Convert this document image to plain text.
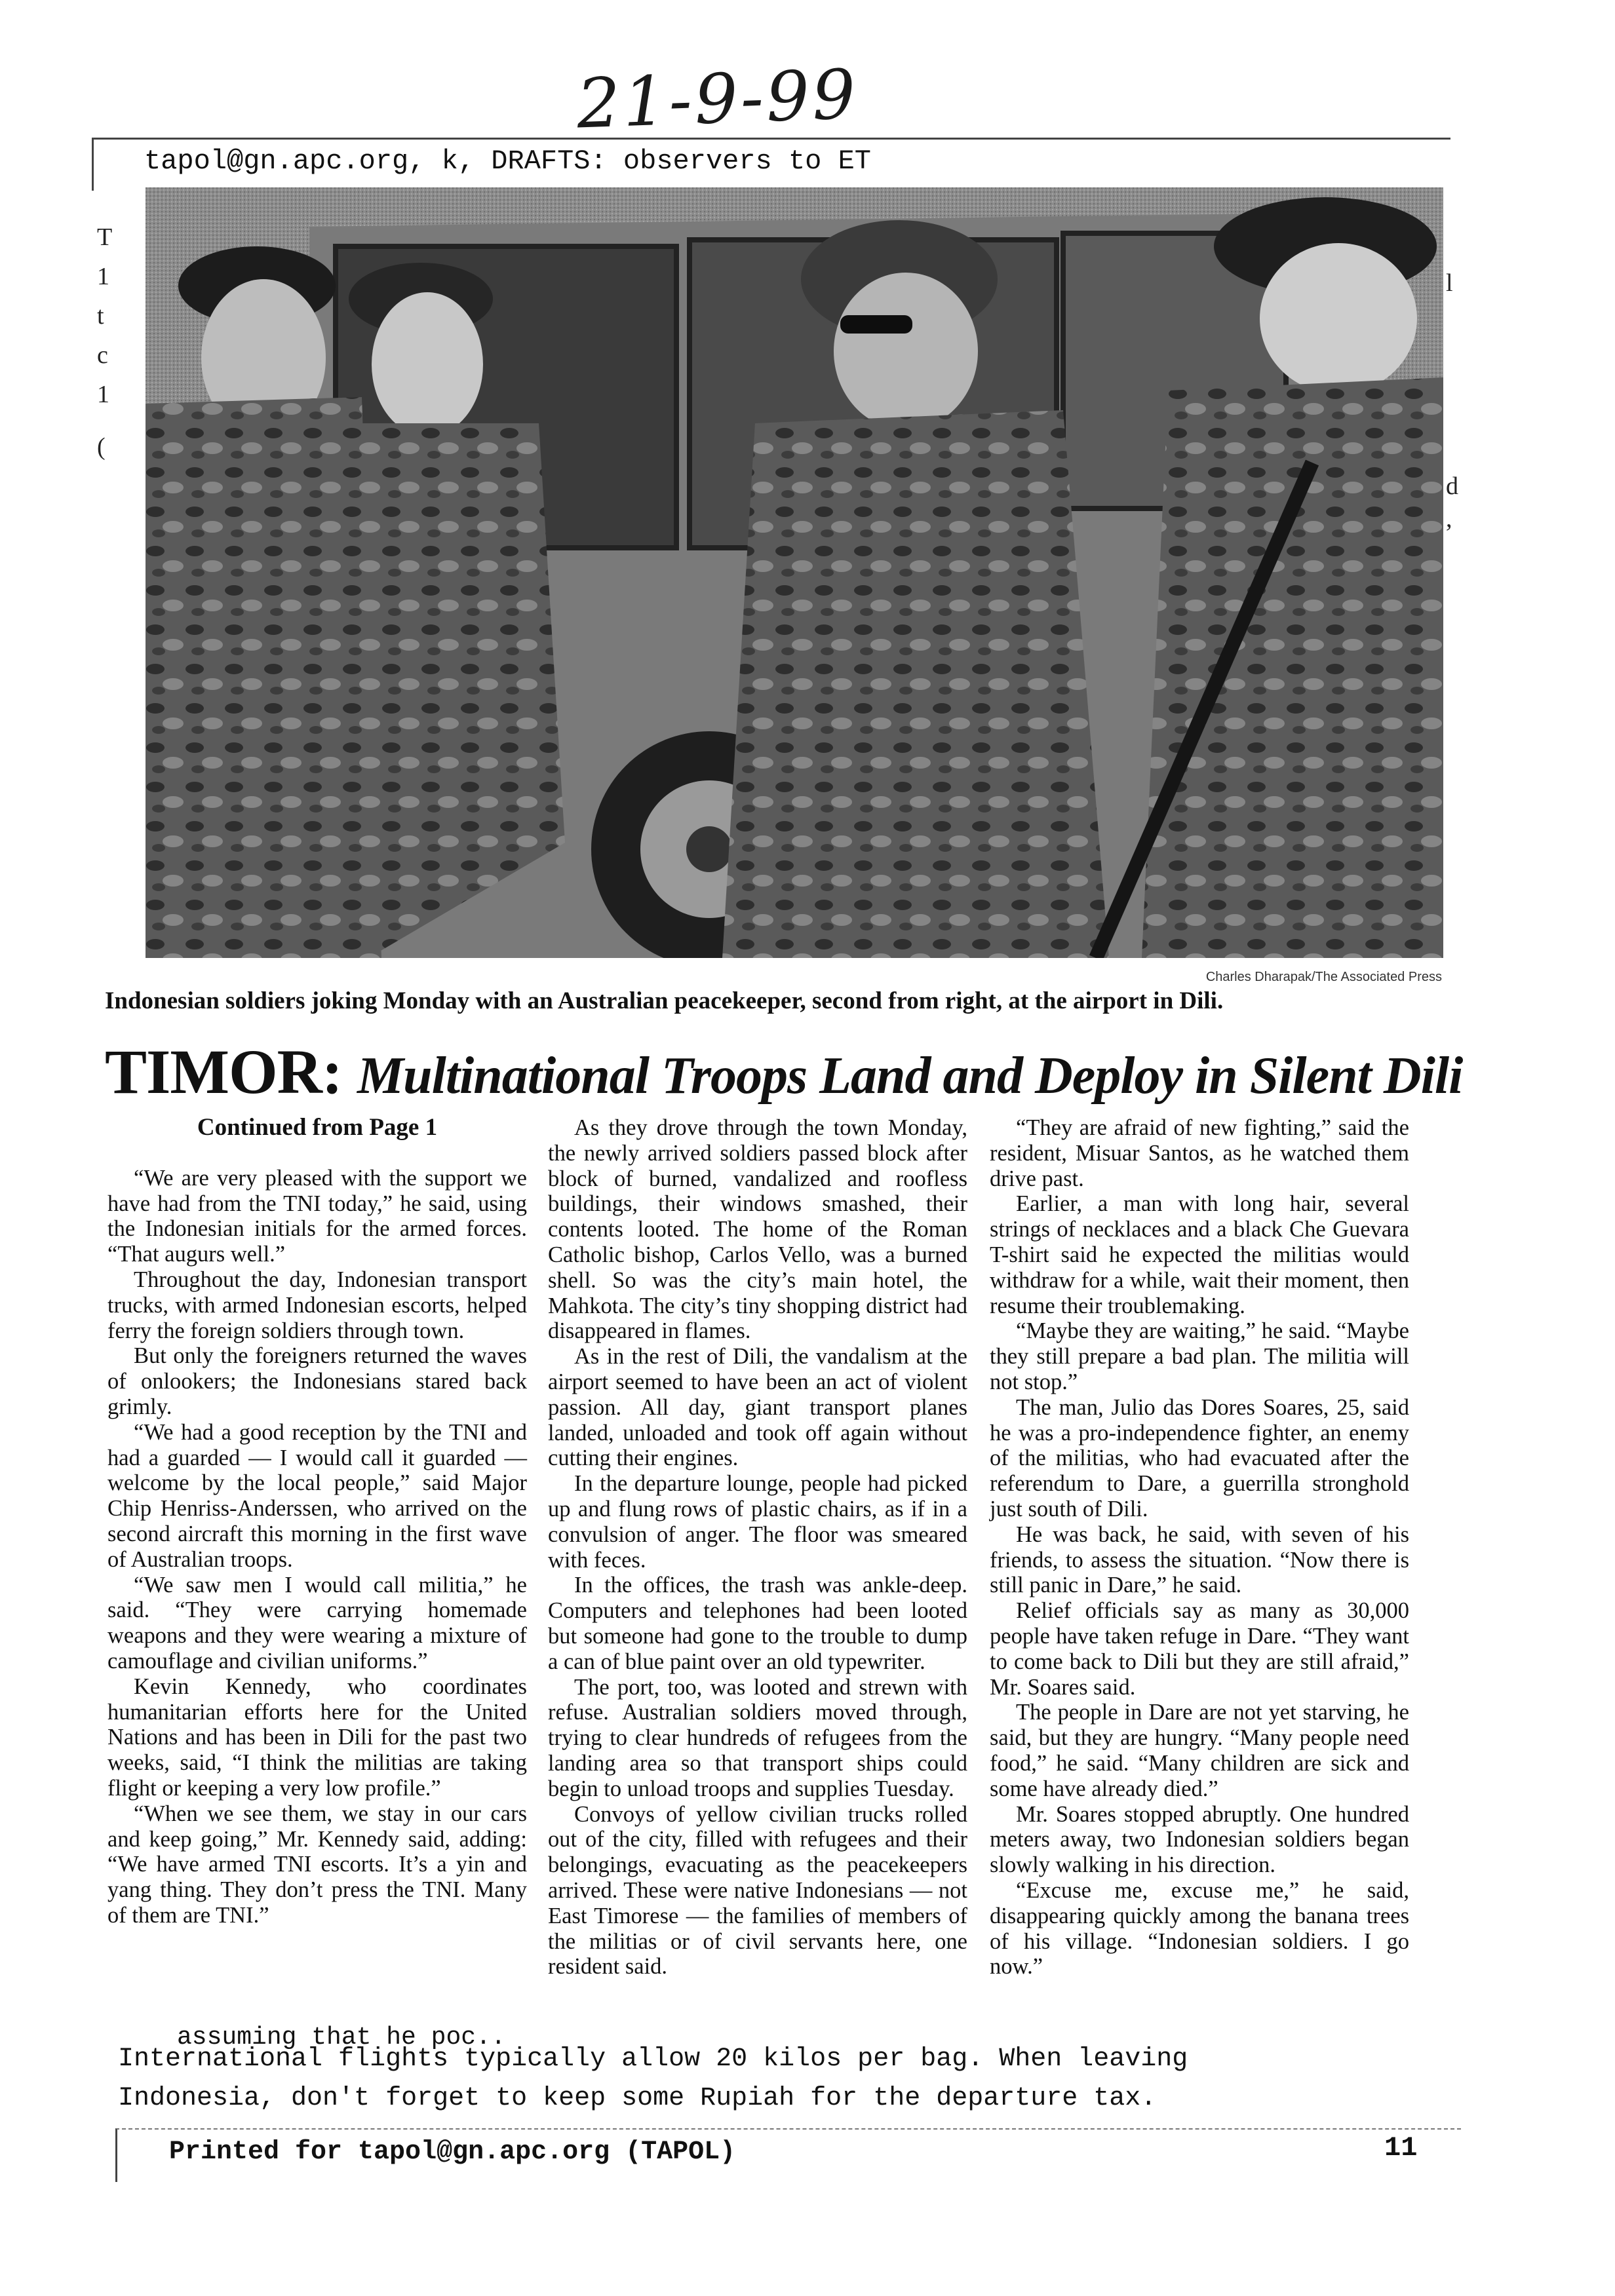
21-9-99
tapol@gn.apc.org, k, DRAFTS: observers to ET
Charles Dharapak/The Associated Press
Indonesian soldiers joking Monday with an Australian peacekeeper, second from right, at the airport in Dili.
TIMOR: Multinational Troops Land and Deploy in Silent Dili

Continued from Page 1

“We are very pleased with the support we have had from the TNI today,” he said, using the Indonesian initials for the armed forces. “That augurs well.”

Throughout the day, Indonesian transport trucks, with armed Indonesian escorts, helped ferry the foreign soldiers through town.

But only the foreigners returned the waves of onlookers; the Indonesians stared back grimly.

“We had a good reception by the TNI and had a guarded — I would call it guarded — welcome by the local people,” said Major Chip Henriss-Anderssen, who arrived on the second aircraft this morning in the first wave of Australian troops.

“We saw men I would call militia,” he said. “They were carrying homemade weapons and they were wearing a mixture of camouflage and civilian uniforms.”

Kevin Kennedy, who coordinates humanitarian efforts here for the United Nations and has been in Dili for the past two weeks, said, “I think the militias are taking flight or keeping a very low profile.”

“When we see them, we stay in our cars and keep going,” Mr. Kennedy said, adding: “We have armed TNI escorts. It’s a yin and yang thing. They don’t press the TNI. Many of them are TNI.”

As they drove through the town Monday, the newly arrived soldiers passed block after block of burned, vandalized and roofless buildings, their windows smashed, their contents looted. The home of the Roman Catholic bishop, Carlos Vello, was a burned shell. So was the city’s main hotel, the Mahkota. The city’s tiny shopping district had disappeared in flames.

As in the rest of Dili, the vandalism at the airport seemed to have been an act of violent passion. All day, giant transport planes landed, unloaded and took off again without cutting their engines.

In the departure lounge, people had picked up and flung rows of plastic chairs, as if in a convulsion of anger. The floor was smeared with feces.

In the offices, the trash was ankle-deep. Computers and telephones had been looted but someone had gone to the trouble to dump a can of blue paint over an old typewriter.

The port, too, was looted and strewn with refuse. Australian soldiers moved through, trying to clear hundreds of refugees from the landing area so that transport ships could begin to unload troops and supplies Tuesday.

Convoys of yellow civilian trucks rolled out of the city, filled with refugees and their belongings, evacuating as the peacekeepers arrived. These were native Indonesians — not East Timorese — the families of members of the militias or of civil servants here, one resident said.

“They are afraid of new fighting,” said the resident, Misuar Santos, as he watched them drive past.

Earlier, a man with long hair, several strings of necklaces and a black Che Guevara T-shirt said he expected the militias would withdraw for a while, wait their moment, then resume their troublemaking.

“Maybe they are waiting,” he said. “Maybe they still prepare a bad plan. The militia will not stop.”

The man, Julio das Dores Soares, 25, said he was a pro-independence fighter, an enemy of the militias, who had evacuated after the referendum to Dare, a guerrilla stronghold just south of Dili.

He was back, he said, with seven of his friends, to assess the situation. “Now there is still panic in Dare,” he said.

Relief officials say as many as 30,000 people have taken refuge in Dare. “They want to come back to Dili but they are still afraid,” Mr. Soares said.

The people in Dare are not yet starving, he said, but they are hungry. “Many people need food,” he said. “Many children are sick and some have already died.”

Mr. Soares stopped abruptly. One hundred meters away, two Indonesian soldiers began slowly walking in his direction.

“Excuse me, excuse me,” he said, disappearing quickly among the banana trees of his village. “Indonesian soldiers. I go now.”

assuming that he poc..
International flights typically allow 20 kilos per bag. When leaving
Indonesia, don't forget to keep some Rupiah for the departure tax.
Printed for tapol@gn.apc.org (TAPOL)	11
l
d
,
T
1
t
c
1
(
